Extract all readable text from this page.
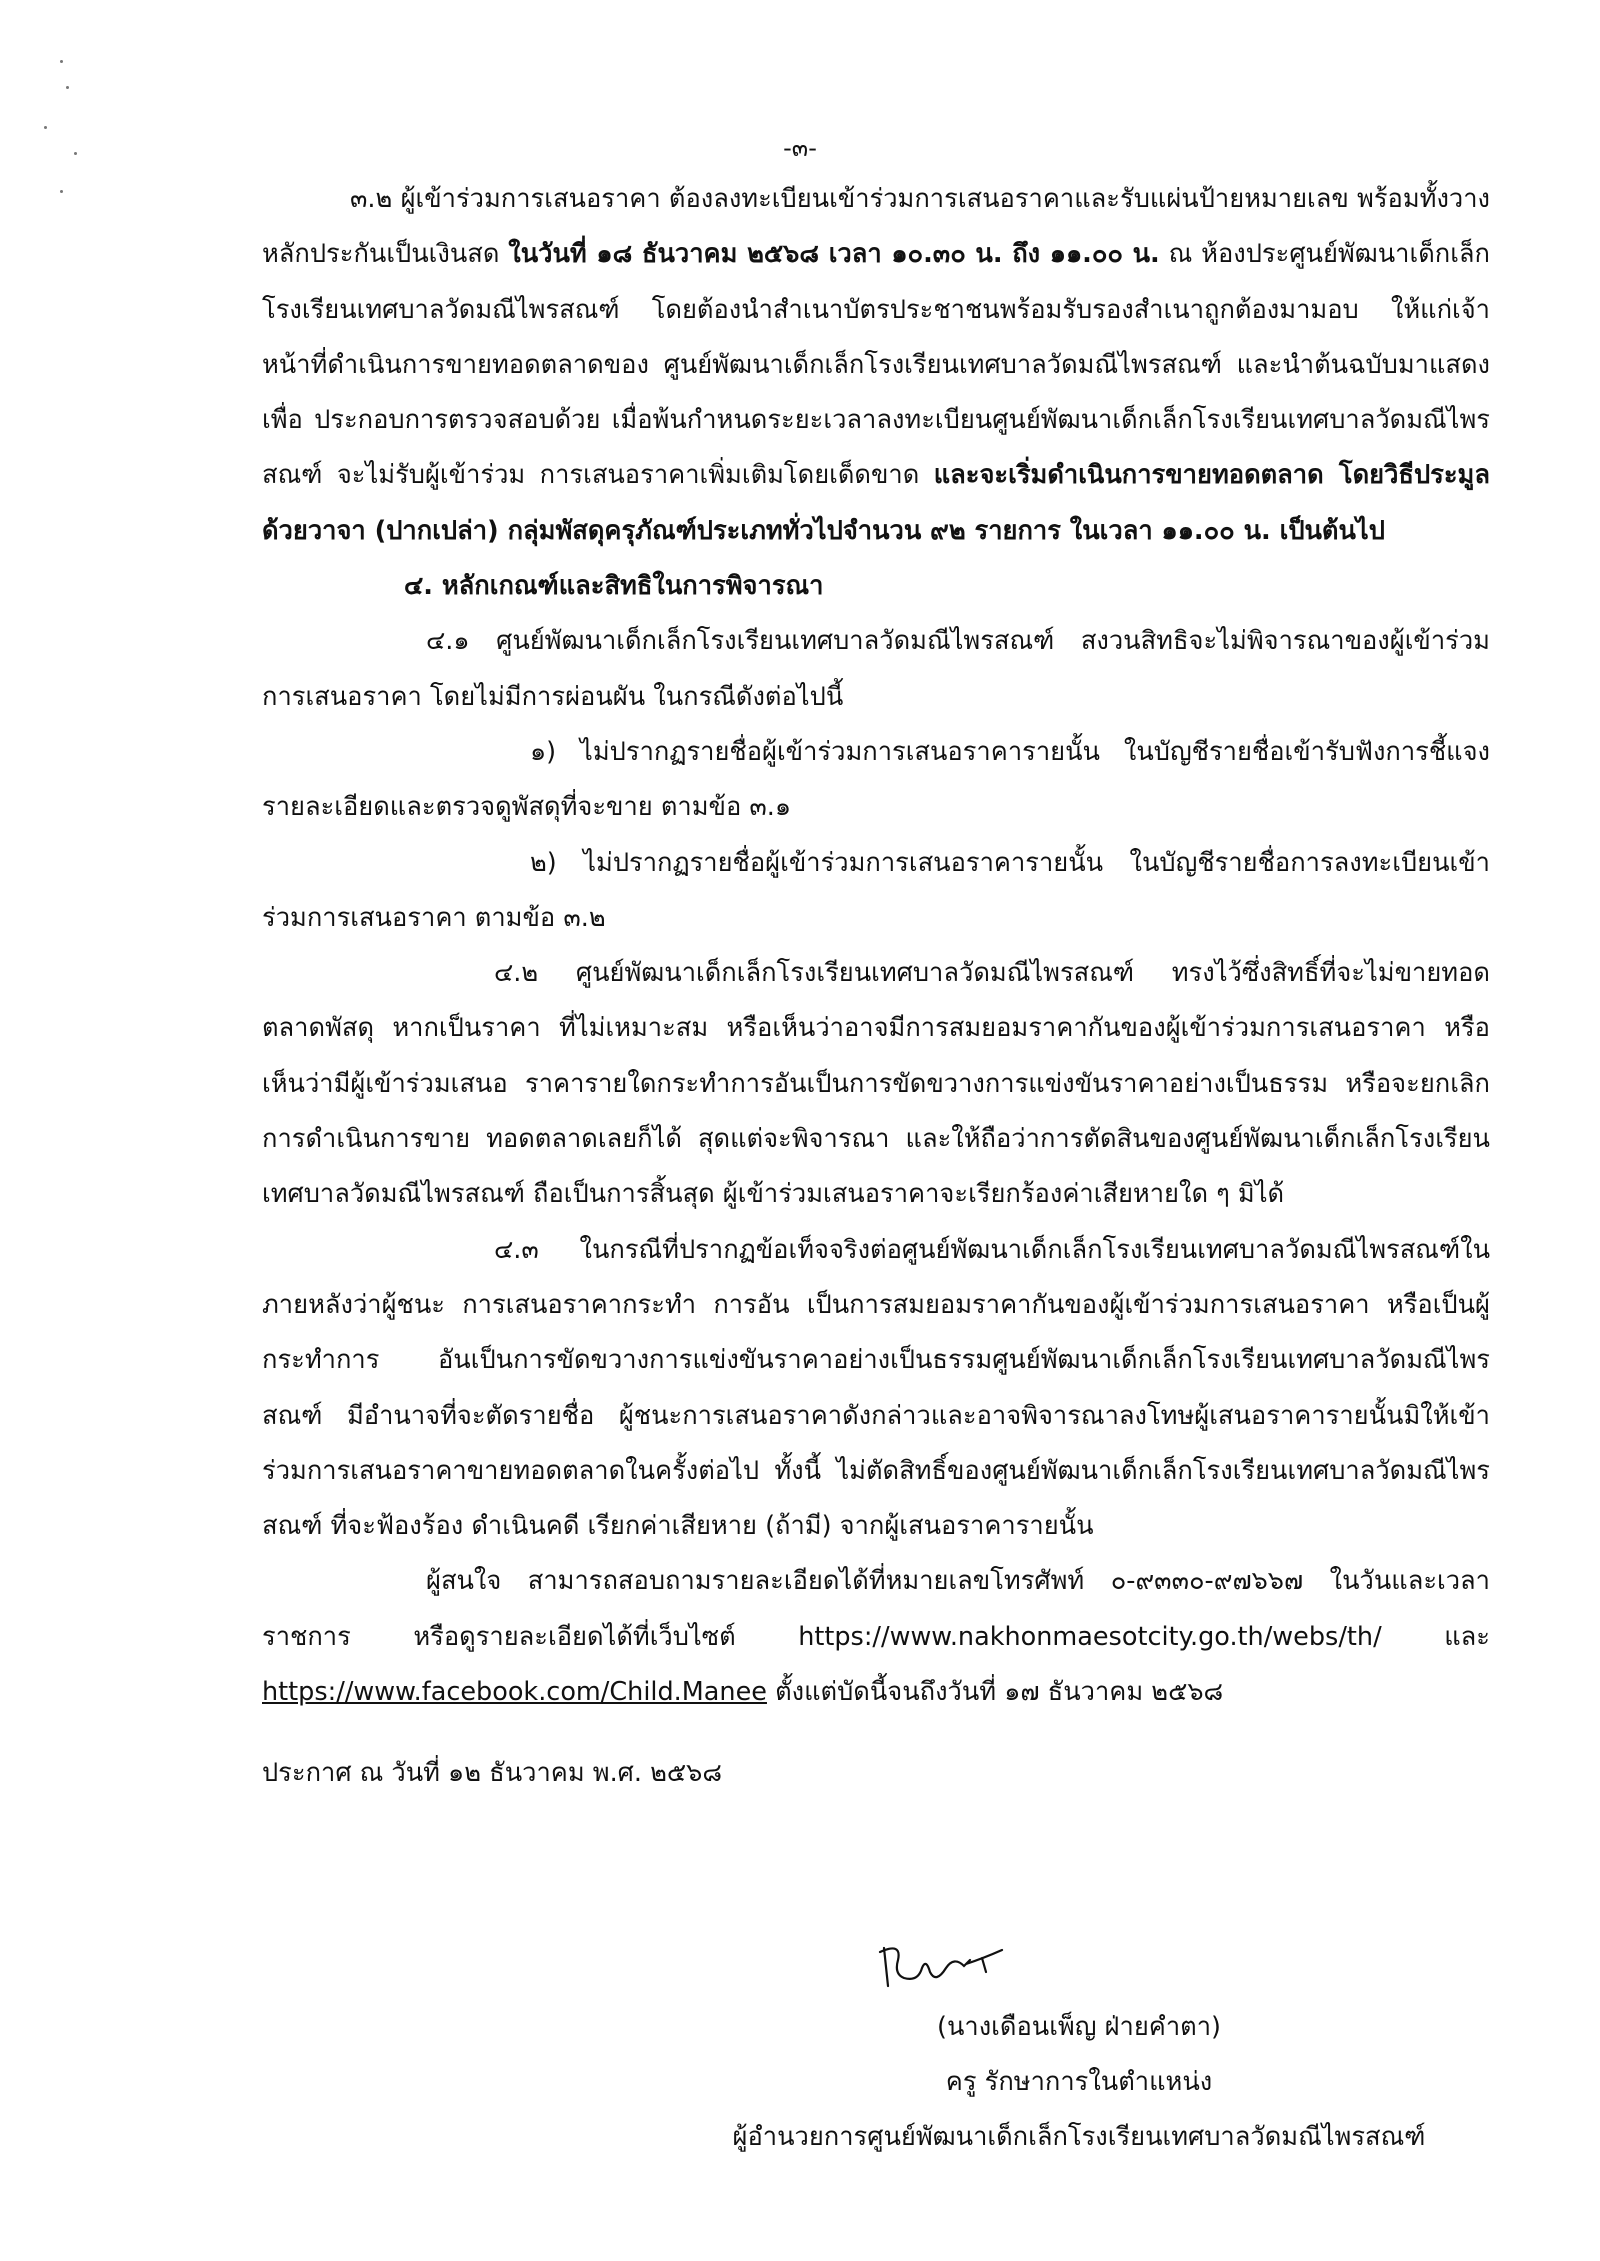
-๓-

๓.๒ ผู้เข้าร่วมการเสนอราคา ต้องลงทะเบียนเข้าร่วมการเสนอราคาและรับแผ่นป้ายหมายเลข พร้อมทั้งวางหลักประกันเป็นเงินสด ในวันที่ ๑๘ ธันวาคม ๒๕๖๘ เวลา ๑๐.๓๐ น. ถึง ๑๑.๐๐ น. ณ ห้องประศูนย์พัฒนาเด็กเล็กโรงเรียนเทศบาลวัดมณีไพรสณฑ์ โดยต้องนำสำเนาบัตรประชาชนพร้อมรับรองสำเนาถูกต้องมามอบ ให้แก่เจ้าหน้าที่ดำเนินการขายทอดตลาดของ ศูนย์พัฒนาเด็กเล็กโรงเรียนเทศบาลวัดมณีไพรสณฑ์ และนำต้นฉบับมาแสดงเพื่อ ประกอบการตรวจสอบด้วย เมื่อพ้นกำหนดระยะเวลาลงทะเบียนศูนย์พัฒนาเด็กเล็กโรงเรียนเทศบาลวัดมณีไพรสณฑ์ จะไม่รับผู้เข้าร่วม การเสนอราคาเพิ่มเติมโดยเด็ดขาด และจะเริ่มดำเนินการขายทอดตลาด โดยวิธีประมูลด้วยวาจา (ปากเปล่า) กลุ่มพัสดุครุภัณฑ์ประเภททั่วไปจำนวน ๙๒ รายการ ในเวลา ๑๑.๐๐ น. เป็นต้นไป

๔. หลักเกณฑ์และสิทธิในการพิจารณา

๔.๑ ศูนย์พัฒนาเด็กเล็กโรงเรียนเทศบาลวัดมณีไพรสณฑ์ สงวนสิทธิจะไม่พิจารณาของผู้เข้าร่วมการเสนอราคา โดยไม่มีการผ่อนผัน ในกรณีดังต่อไปนี้

๑) ไม่ปรากฏรายชื่อผู้เข้าร่วมการเสนอราคารายนั้น ในบัญชีรายชื่อเข้ารับฟังการชี้แจงรายละเอียดและตรวจดูพัสดุที่จะขาย ตามข้อ ๓.๑

๒) ไม่ปรากฏรายชื่อผู้เข้าร่วมการเสนอราคารายนั้น ในบัญชีรายชื่อการลงทะเบียนเข้าร่วมการเสนอราคา ตามข้อ ๓.๒

๔.๒ ศูนย์พัฒนาเด็กเล็กโรงเรียนเทศบาลวัดมณีไพรสณฑ์ ทรงไว้ซึ่งสิทธิ์ที่จะไม่ขายทอดตลาดพัสดุ หากเป็นราคา ที่ไม่เหมาะสม หรือเห็นว่าอาจมีการสมยอมราคากันของผู้เข้าร่วมการเสนอราคา หรือเห็นว่ามีผู้เข้าร่วมเสนอ ราคารายใดกระทำการอันเป็นการขัดขวางการแข่งขันราคาอย่างเป็นธรรม หรือจะยกเลิกการดำเนินการขาย ทอดตลาดเลยก็ได้ สุดแต่จะพิจารณา และให้ถือว่าการตัดสินของศูนย์พัฒนาเด็กเล็กโรงเรียนเทศบาลวัดมณีไพรสณฑ์ ถือเป็นการสิ้นสุด ผู้เข้าร่วมเสนอราคาจะเรียกร้องค่าเสียหายใด ๆ มิได้

๔.๓ ในกรณีที่ปรากฏข้อเท็จจริงต่อศูนย์พัฒนาเด็กเล็กโรงเรียนเทศบาลวัดมณีไพรสณฑ์ในภายหลังว่าผู้ชนะ การเสนอราคากระทำ การอัน เป็นการสมยอมราคากันของผู้เข้าร่วมการเสนอราคา หรือเป็นผู้กระทำการ อันเป็นการขัดขวางการแข่งขันราคาอย่างเป็นธรรมศูนย์พัฒนาเด็กเล็กโรงเรียนเทศบาลวัดมณีไพรสณฑ์ มีอำนาจที่จะตัดรายชื่อ ผู้ชนะการเสนอราคาดังกล่าวและอาจพิจารณาลงโทษผู้เสนอราคารายนั้นมิให้เข้าร่วมการเสนอราคาขายทอดตลาดในครั้งต่อไป ทั้งนี้ ไม่ตัดสิทธิ์ของศูนย์พัฒนาเด็กเล็กโรงเรียนเทศบาลวัดมณีไพรสณฑ์ ที่จะฟ้องร้อง ดำเนินคดี เรียกค่าเสียหาย (ถ้ามี) จากผู้เสนอราคารายนั้น

ผู้สนใจ สามารถสอบถามรายละเอียดได้ที่หมายเลขโทรศัพท์ ๐-๙๓๓๐-๙๗๖๖๗ ในวันและเวลาราชการ หรือดูรายละเอียดได้ที่เว็บไซต์ https://www.nakhonmaesotcity.go.th/webs/th/ และ https://www.facebook.com/Child.Manee ตั้งแต่บัดนี้จนถึงวันที่ ๑๗ ธันวาคม ๒๕๖๘

ประกาศ ณ วันที่ ๑๒ ธันวาคม พ.ศ. ๒๕๖๘

(นางเดือนเพ็ญ ฝ่ายคำตา)
ครู รักษาการในตำแหน่ง
ผู้อำนวยการศูนย์พัฒนาเด็กเล็กโรงเรียนเทศบาลวัดมณีไพรสณฑ์
